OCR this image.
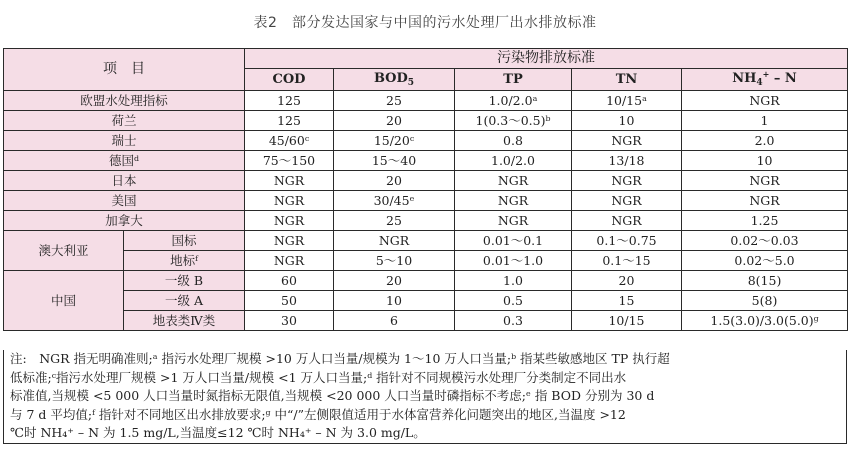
表2　部分发达国家与中国的污水处理厂出水排放标准
项　目		污染物排放标准				
		COD	$BOD_5$	TP	TN	$NH_4^+$ – N
欧盟水处理指标		125	25	1.0/2.0ᵃ	10/15ᵃ	NGR
荷兰		125	20	1(0.3～0.5)ᵇ	10	1
瑞士		45/60ᶜ	15/20ᶜ	0.8	NGR	2.0
德国ᵈ		75～150	15～40	1.0/2.0	13/18	10
日本		NGR	20	NGR	NGR	NGR
美国		NGR	30/45ᵉ	NGR	NGR	NGR
加拿大		NGR	25	NGR	NGR	1.25
澳大利亚	国标	NGR	NGR	0.01～0.1	0.1～0.75	0.02～0.03
	地标ᶠ	NGR	5～10	0.01～1.0	0.1～15	0.02～5.0
中国	一级 B	60	20	1.0	20	8(15)
	一级 A	50	10	0.5	15	5(8)
	地表类Ⅳ类	30	6	0.3	10/15	1.5(3.0)/3.0(5.0)ᵍ
注:　NGR 指无明确准则;ᵃ 指污水处理厂规模 >10 万人口当量/规模为 1～10 万人口当量;ᵇ 指某些敏感地区 TP 执行超
低标准;ᶜ指污水处理厂规模 >1 万人口当量/规模 <1 万人口当量;ᵈ 指针对不同规模污水处理厂分类制定不同出水
标准值,当规模 <5 000 人口当量时氮指标无限值,当规模 <20 000 人口当量时磷指标不考虑;ᵉ 指 BOD 分别为 30 d
与 7 d 平均值;ᶠ 指针对不同地区出水排放要求;ᵍ 中“/”左侧限值适用于水体富营养化问题突出的地区,当温度 >12
℃时 NH₄⁺ – N 为 1.5 mg/L,当温度≤12 ℃时 NH₄⁺ – N 为 3.0 mg/L。
